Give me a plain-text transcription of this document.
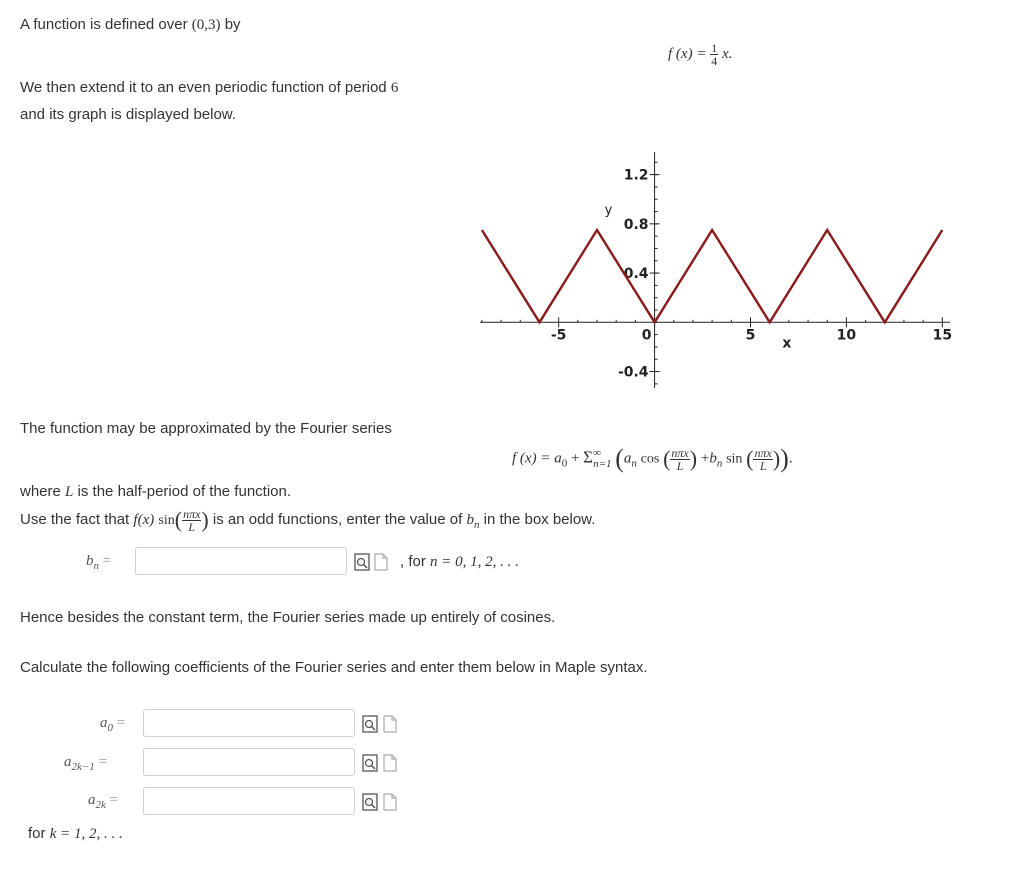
A function is defined over (0,3) by
f $(x) = \frac{1}{4} x$.
We then extend it to an even periodic function of period 6
and its graph is displayed below.
-0.4
0.4
0.8
1.2
-5	0	5	10	15
x
y
The function may be approximated by the Fourier series
f $(x) = a_0 + \Sigma$ ∞
n=1 ($a_n$ cos ( $\frac{\text{nπx}}{L}$ ) $+b_n$ sin ( $\frac{\text{nπx}}{L}$ )).
where L is the half-period of the function.
Use the fact that f(x) $\sin( \frac{\text{nπx}}{L}$ ) is an odd functions, enter the value of $b_n$ in the box below.
$b_n$ =	, for n = 0, 1, 2, . . .
Hence besides the constant term, the Fourier series made up entirely of cosines.
Calculate the following coefficients of the Fourier series and enter them below in Maple syntax.
$a_0$ =
$a_{2k-1}$ =
$a_{2k}$ =
for k = 1, 2, . . .
